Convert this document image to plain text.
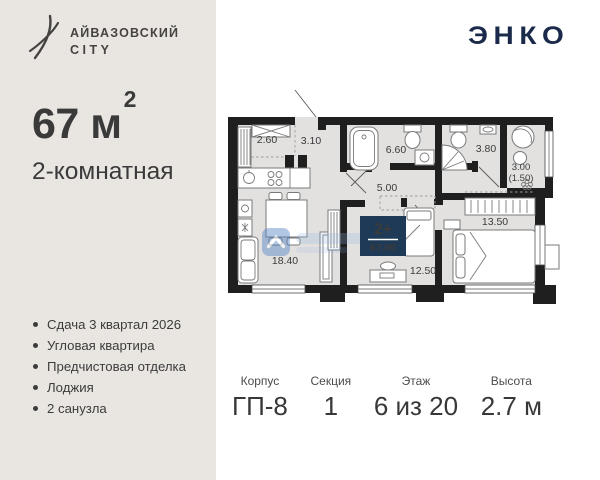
АЙВАЗОВСКИЙ
CITY	ЭНКО
67 $м^2$
2-комнатная
Сдача 3 квартал 2026
Угловая квартира
Предчистовая отделка
Лоджия
2 санузла
Корпус
ГП-8
Секция
1
Этаж
6 из 20
Высота
2.7 м
2.60 3.10
6.60
5.00
3.80
3.00
(1.50)
13.50
18.40
12.50
2+
67.00
